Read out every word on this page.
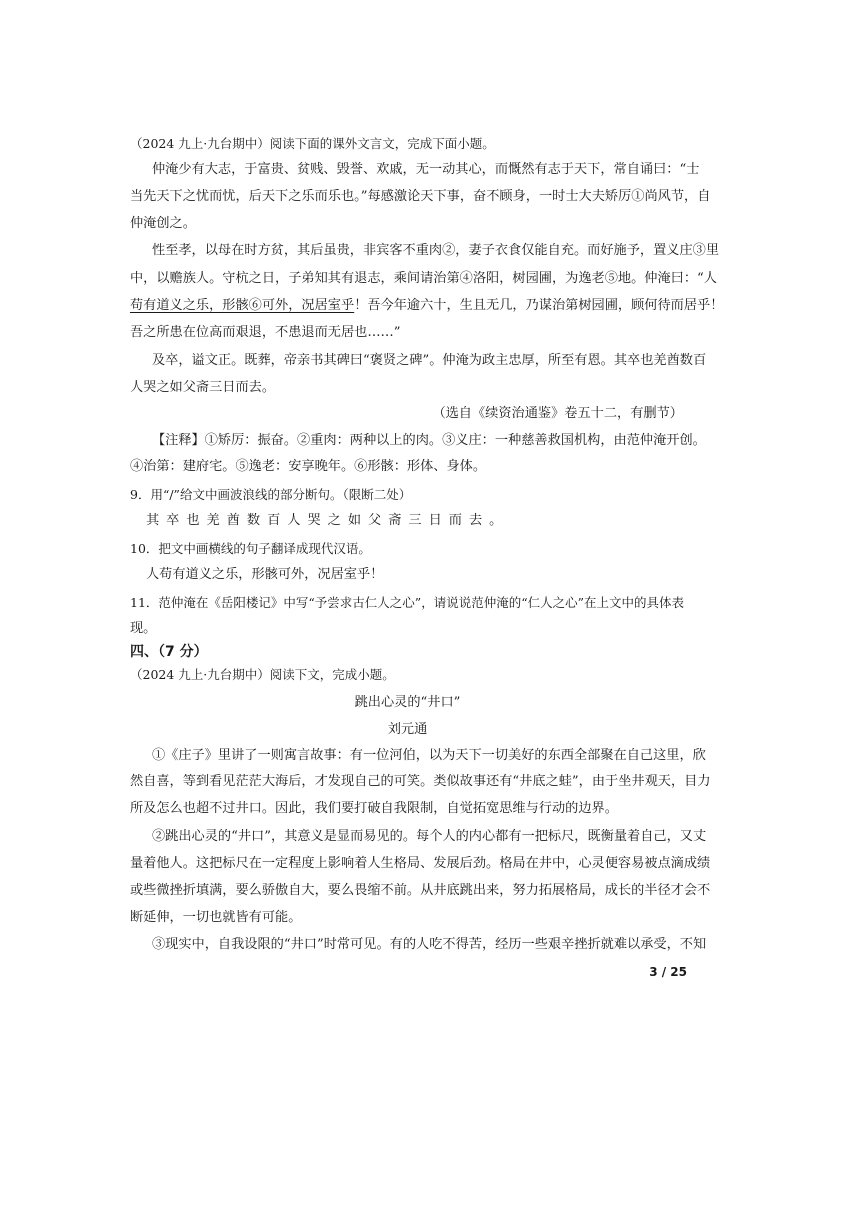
（2024 九上·九台期中）阅读下面的课外文言文，完成下面小题。
仲淹少有大志，于富贵、贫贱、毁誉、欢戚，无一动其心，而慨然有志于天下，常自诵曰：“士
当先天下之忧而忧，后天下之乐而乐也。”每感激论天下事，奋不顾身，一时士大夫矫厉①尚风节，自
仲淹创之。
性至孝，以母在时方贫，其后虽贵，非宾客不重肉②，妻子衣食仅能自充。而好施予，置义庄③里
中，以赡族人。守杭之日，子弟知其有退志，乘间请治第④洛阳，树园圃，为逸老⑤地。仲淹曰：“人
苟有道义之乐，形骸⑥可外，况居室乎！吾今年逾六十，生且无几，乃谋治第树园圃，顾何待而居乎！
吾之所患在位高而艰退，不患退而无居也……”
及卒，谥文正。既葬，帝亲书其碑曰“褒贤之碑”。仲淹为政主忠厚，所至有恩。其卒也羌酋数百
人哭之如父斋三日而去。
（选自《续资治通鉴》卷五十二，有删节）
【注释】①矫厉：振奋。②重肉：两种以上的肉。③义庄：一种慈善救国机构，由范仲淹开创。
④治第：建府宅。⑤逸老：安享晚年。⑥形骸：形体、身体。
9．用“/”给文中画波浪线的部分断句。（限断二处）
其卒也羌酋数百人哭之如父斋三日而去。
10．把文中画横线的句子翻译成现代汉语。
人苟有道义之乐，形骸可外，况居室乎！
11．范仲淹在《岳阳楼记》中写“予尝求古仁人之心”，请说说范仲淹的“仁人之心”在上文中的具体表
现。
四、（7 分）
（2024 九上·九台期中）阅读下文，完成小题。
跳出心灵的“井口”
刘元通
①《庄子》里讲了一则寓言故事：有一位河伯，以为天下一切美好的东西全部聚在自己这里，欣
然自喜，等到看见茫茫大海后，才发现自己的可笑。类似故事还有“井底之蛙”，由于坐井观天，目力
所及怎么也超不过井口。因此，我们要打破自我限制，自觉拓宽思维与行动的边界。
②跳出心灵的“井口”，其意义是显而易见的。每个人的内心都有一把标尺，既衡量着自己，又丈
量着他人。这把标尺在一定程度上影响着人生格局、发展后劲。格局在井中，心灵便容易被点滴成绩
或些微挫折填满，要么骄傲自大，要么畏缩不前。从井底跳出来，努力拓展格局，成长的半径才会不
断延伸，一切也就皆有可能。
③现实中，自我设限的“井口”时常可见。有的人吃不得苦，经历一些艰辛挫折就难以承受，不知
3 / 25
